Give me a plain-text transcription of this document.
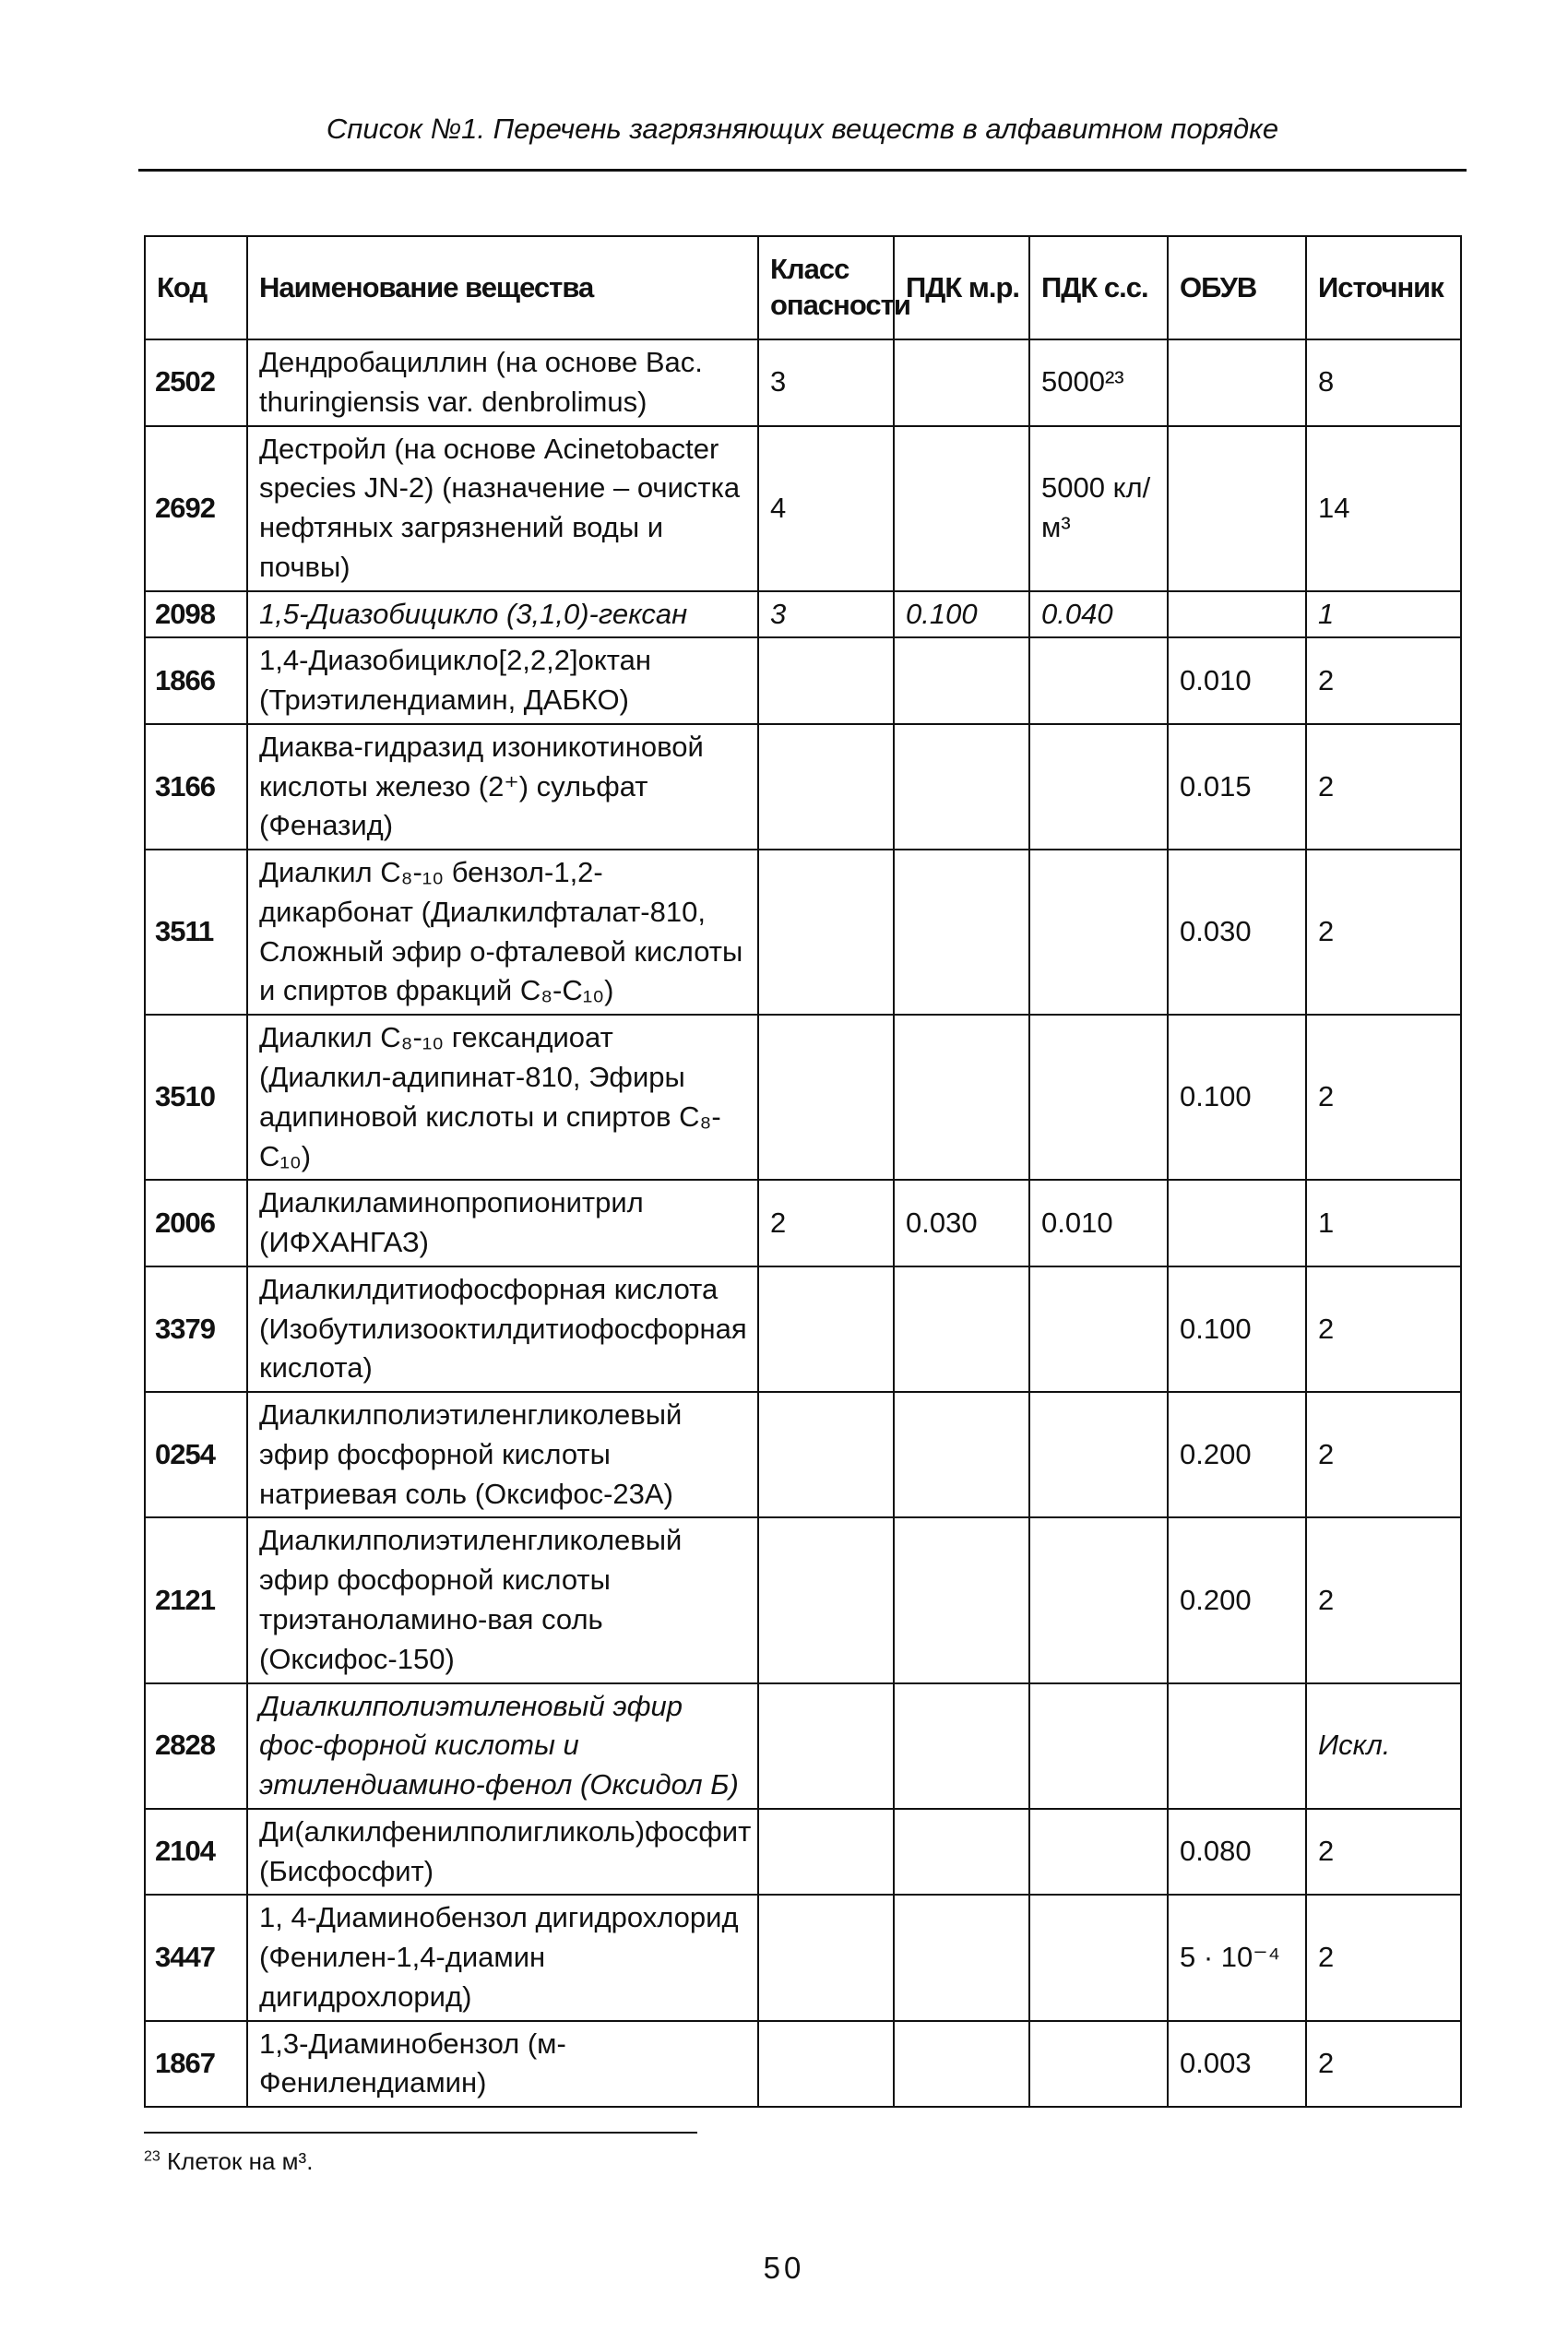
Список №1. Перечень загрязняющих веществ в алфавитном порядке
Код	Наименование вещества	Класс опасности	ПДК м.р.	ПДК с.с.	ОБУВ	Источник
2502	Дендробациллин (на основе Bac. thuringiensis var. denbrolimus)	3		5000²³		8
2692	Дестройл (на основе Acinetobacter species JN-2) (назначение – очистка нефтяных загрязнений воды и почвы)	4		5000 кл/м³		14
2098	1,5-Диазобицикло (3,1,0)-гексан	3	0.100	0.040		1
1866	1,4-Диазобицикло[2,2,2]октан (Триэтилендиамин, ДАБКО)				0.010	2
3166	Диаква-гидразид изоникотиновой кислоты железо (2⁺) сульфат (Феназид)				0.015	2
3511	Диалкил C₈-₁₀ бензол-1,2-дикарбонат (Диалкилфталат-810, Сложный эфир о-фталевой кислоты и спиртов фракций C₈-C₁₀)				0.030	2
3510	Диалкил C₈-₁₀ гександиоат (Диалкил-адипинат-810, Эфиры адипиновой кислоты и спиртов C₈-C₁₀)				0.100	2
2006	Диалкиламинопропионитрил (ИФХАНГАЗ)	2	0.030	0.010		1
3379	Диалкилдитиофосфорная кислота (Изобутилизооктилдитиофосфорная кислота)				0.100	2
0254	Диалкилполиэтиленгликолевый эфир фосфорной кислоты натриевая соль (Оксифос-23А)				0.200	2
2121	Диалкилполиэтиленгликолевый эфир фосфорной кислоты триэтаноламино-вая соль (Оксифос-150)				0.200	2
2828	Диалкилполиэтиленовый эфир фос-форной кислоты и этилендиамино-фенол (Оксидол Б)					Искл.
2104	Ди(алкилфенилполигликоль)фосфит (Бисфосфит)				0.080	2
3447	1, 4-Диаминобензол дигидрохлорид (Фенилен-1,4-диамин дигидрохлорид)				5 · 10⁻⁴	2
1867	1,3-Диаминобензол (м-Фенилендиамин)				0.003	2
$^{23}$ Клеток на м³.
50
